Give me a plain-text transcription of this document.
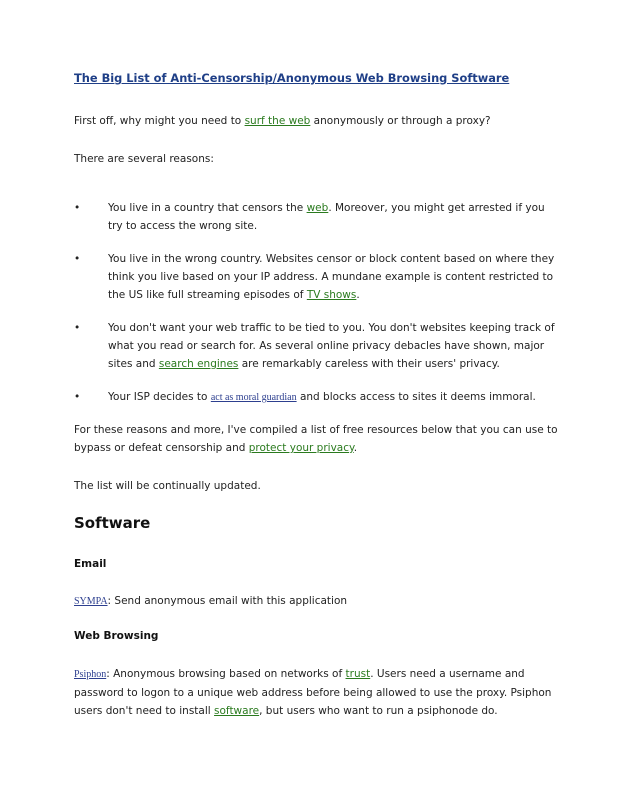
The Big List of Anti-Censorship/Anonymous Web Browsing Software
First off, why might you need to surf the web anonymously or through a proxy?
There are several reasons:
•	You live in a country that censors the web. Moreover, you might get arrested if you
try to access the wrong site.
•	You live in the wrong country. Websites censor or block content based on where they
think you live based on your IP address. A mundane example is content restricted to
the US like full streaming episodes of TV shows.
•	You don't want your web traffic to be tied to you. You don't websites keeping track of
what you read or search for. As several online privacy debacles have shown, major
sites and search engines are remarkably careless with their users' privacy.
•	Your ISP decides to act as moral guardian and blocks access to sites it deems immoral.
For these reasons and more, I've compiled a list of free resources below that you can use to
bypass or defeat censorship and protect your privacy.
The list will be continually updated.
Software
Email
SYMPA: Send anonymous email with this application
Web Browsing
Psiphon: Anonymous browsing based on networks of trust. Users need a username and
password to logon to a unique web address before being allowed to use the proxy. Psiphon
users don't need to install software, but users who want to run a psiphonode do.
